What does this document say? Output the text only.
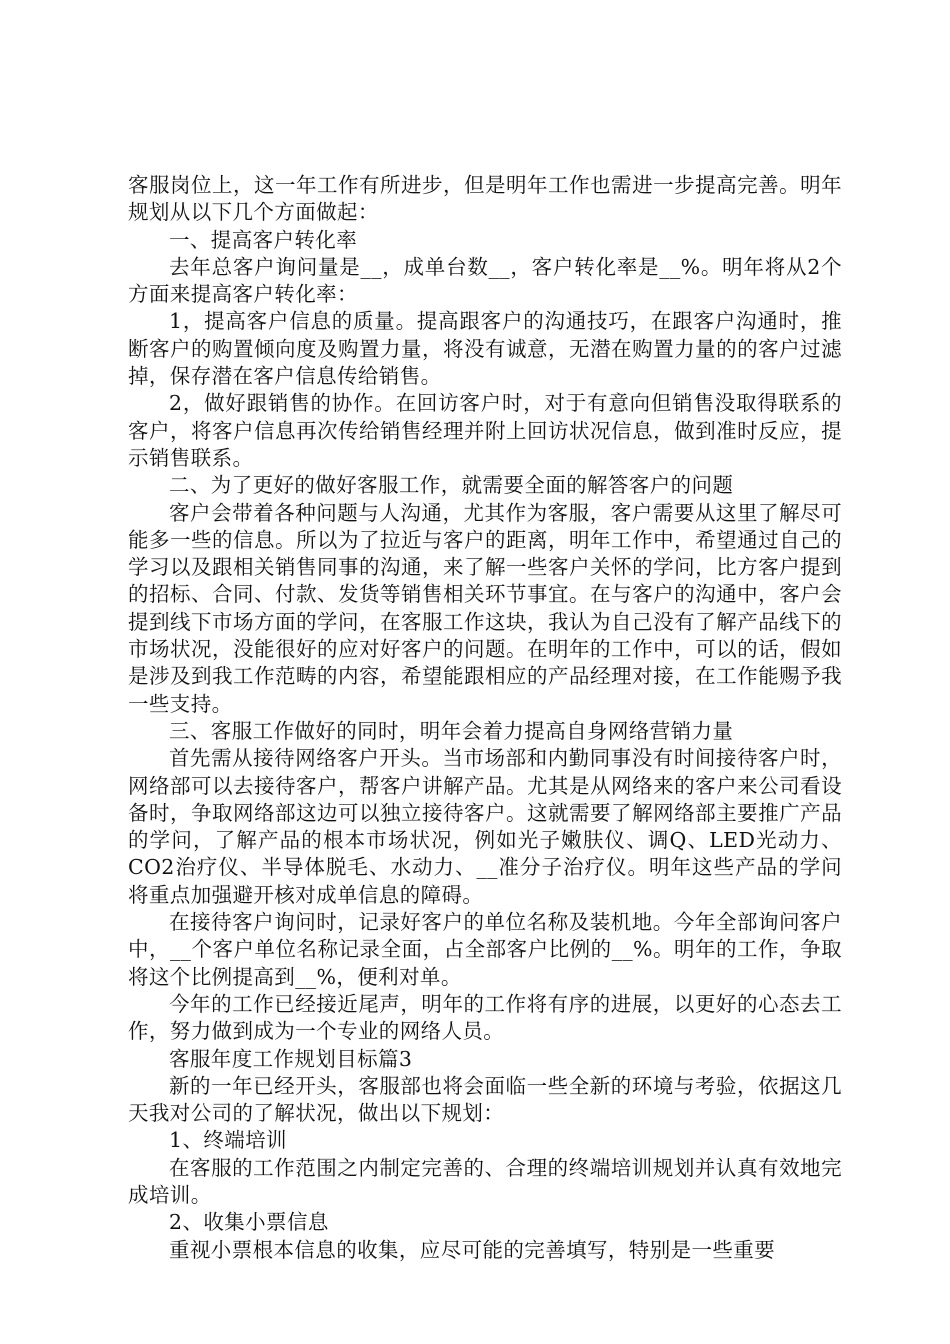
客服岗位上，这一年工作有所进步，但是明年工作也需进一步提高完善。明年规划从以下几个方面做起：

一、提高客户转化率

去年总客户询问量是__，成单台数__，客户转化率是__%。明年将从2个方面来提高客户转化率：

1，提高客户信息的质量。提高跟客户的沟通技巧，在跟客户沟通时，推断客户的购置倾向度及购置力量，将没有诚意，无潜在购置力量的的客户过滤掉，保存潜在客户信息传给销售。

2，做好跟销售的协作。在回访客户时，对于有意向但销售没取得联系的客户，将客户信息再次传给销售经理并附上回访状况信息，做到准时反应，提示销售联系。

二、为了更好的做好客服工作，就需要全面的解答客户的问题

客户会带着各种问题与人沟通，尤其作为客服，客户需要从这里了解尽可能多一些的信息。所以为了拉近与客户的距离，明年工作中，希望通过自己的学习以及跟相关销售同事的沟通，来了解一些客户关怀的学问，比方客户提到的招标、合同、付款、发货等销售相关环节事宜。在与客户的沟通中，客户会提到线下市场方面的学问，在客服工作这块，我认为自己没有了解产品线下的市场状况，没能很好的应对好客户的问题。在明年的工作中，可以的话，假如是涉及到我工作范畴的内容，希望能跟相应的产品经理对接，在工作能赐予我一些支持。

三、客服工作做好的同时，明年会着力提高自身网络营销力量

首先需从接待网络客户开头。当市场部和内勤同事没有时间接待客户时，网络部可以去接待客户，帮客户讲解产品。尤其是从网络来的客户来公司看设备时，争取网络部这边可以独立接待客户。这就需要了解网络部主要推广产品的学问，了解产品的根本市场状况，例如光子嫩肤仪、调Q、LED光动力、CO2治疗仪、半导体脱毛、水动力、__准分子治疗仪。明年这些产品的学问将重点加强避开核对成单信息的障碍。

在接待客户询问时，记录好客户的单位名称及装机地。今年全部询问客户中，__个客户单位名称记录全面，占全部客户比例的__%。明年的工作，争取将这个比例提高到__%，便利对单。

今年的工作已经接近尾声，明年的工作将有序的进展，以更好的心态去工作，努力做到成为一个专业的网络人员。

客服年度工作规划目标篇3

新的一年已经开头，客服部也将会面临一些全新的环境与考验，依据这几天我对公司的了解状况，做出以下规划：

1、终端培训

在客服的工作范围之内制定完善的、合理的终端培训规划并认真有效地完成培训。

2、收集小票信息

重视小票根本信息的收集，应尽可能的完善填写，特别是一些重要
